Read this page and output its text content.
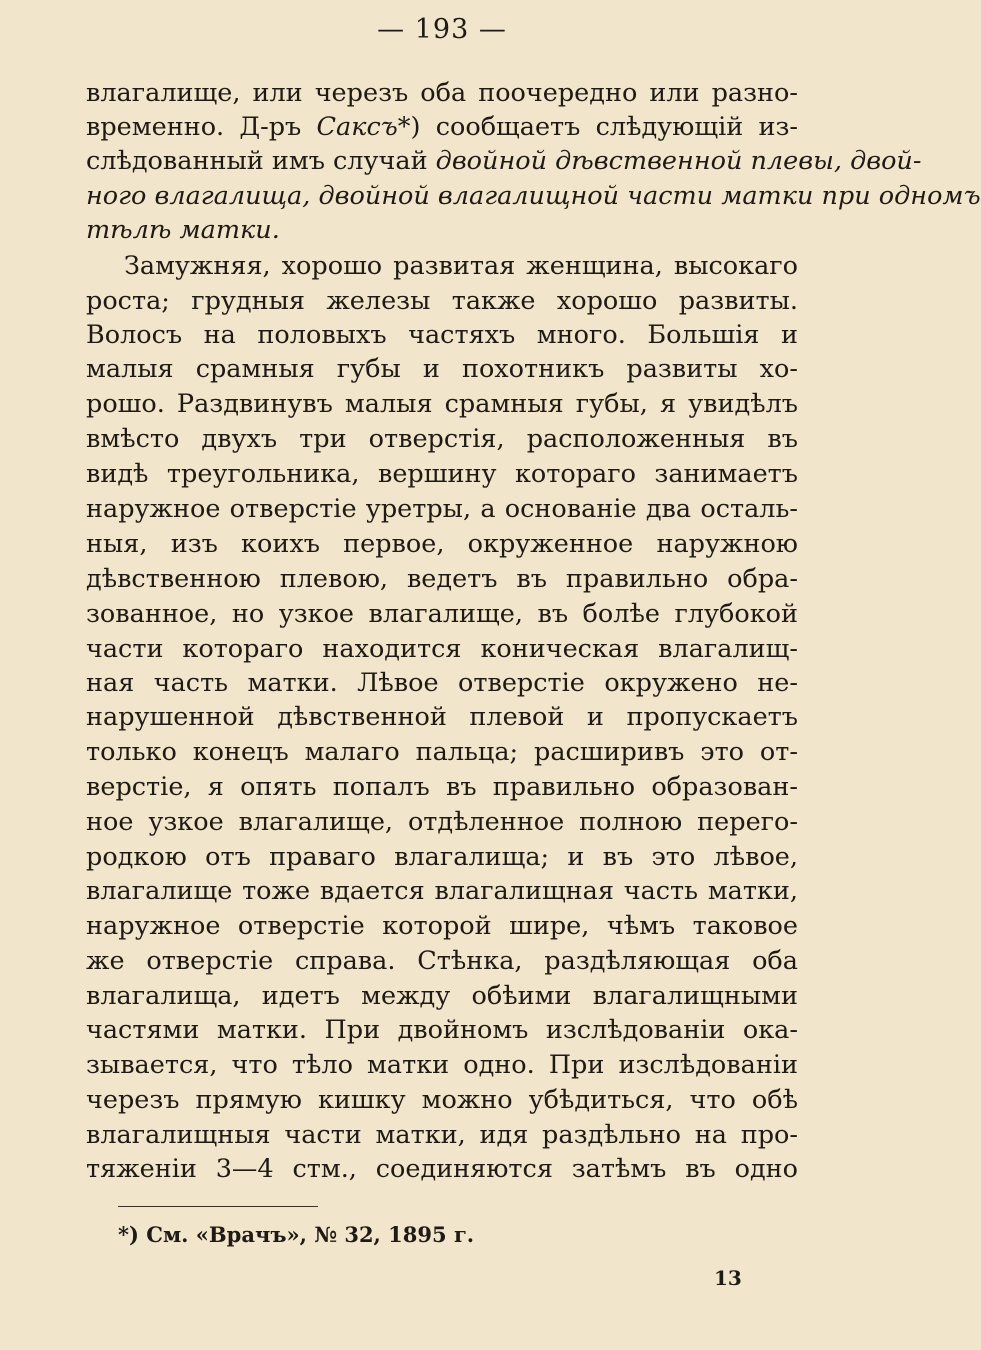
— 193 —
влагалище, или черезъ оба поочередно или разно-
временно. Д-ръ Саксъ*) сообщаетъ слѣдующій из-
слѣдованный имъ случай двойной дѣвственной плевы, двой-
ного влагалища, двойной влагалищной части матки при одномъ
тѣлѣ матки.
Замужняя, хорошо развитая женщина, высокаго
роста; грудныя железы также хорошо развиты.
Волосъ на половыхъ частяхъ много. Большія и
малыя срамныя губы и похотникъ развиты хо-
рошо. Раздвинувъ малыя срамныя губы, я увидѣлъ
вмѣсто двухъ три отверстія, расположенныя въ
видѣ треугольника, вершину котораго занимаетъ
наружное отверстіе уретры, а основаніе два осталь-
ныя, изъ коихъ первое, окруженное наружною
дѣвственною плевою, ведетъ въ правильно обра-
зованное, но узкое влагалище, въ болѣе глубокой
части котораго находится коническая влагалищ-
ная часть матки. Лѣвое отверстіе окружено не-
нарушенной дѣвственной плевой и пропускаетъ
только конецъ малаго пальца; расширивъ это от-
верстіе, я опять попалъ въ правильно образован-
ное узкое влагалище, отдѣленное полною перего-
родкою отъ праваго влагалища; и въ это лѣвое,
влагалище тоже вдается влагалищная часть матки,
наружное отверстіе которой шире, чѣмъ таковое
же отверстіе справа. Стѣнка, раздѣляющая оба
влагалища, идетъ между обѣими влагалищными
частями матки. При двойномъ изслѣдованіи ока-
зывается, что тѣло матки одно. При изслѣдованіи
черезъ прямую кишку можно убѣдиться, что обѣ
влагалищныя части матки, идя раздѣльно на про-
тяженіи 3—4 стм., соединяются затѣмъ въ одно
*) См. «Врачъ», № 32, 1895 г.
13
